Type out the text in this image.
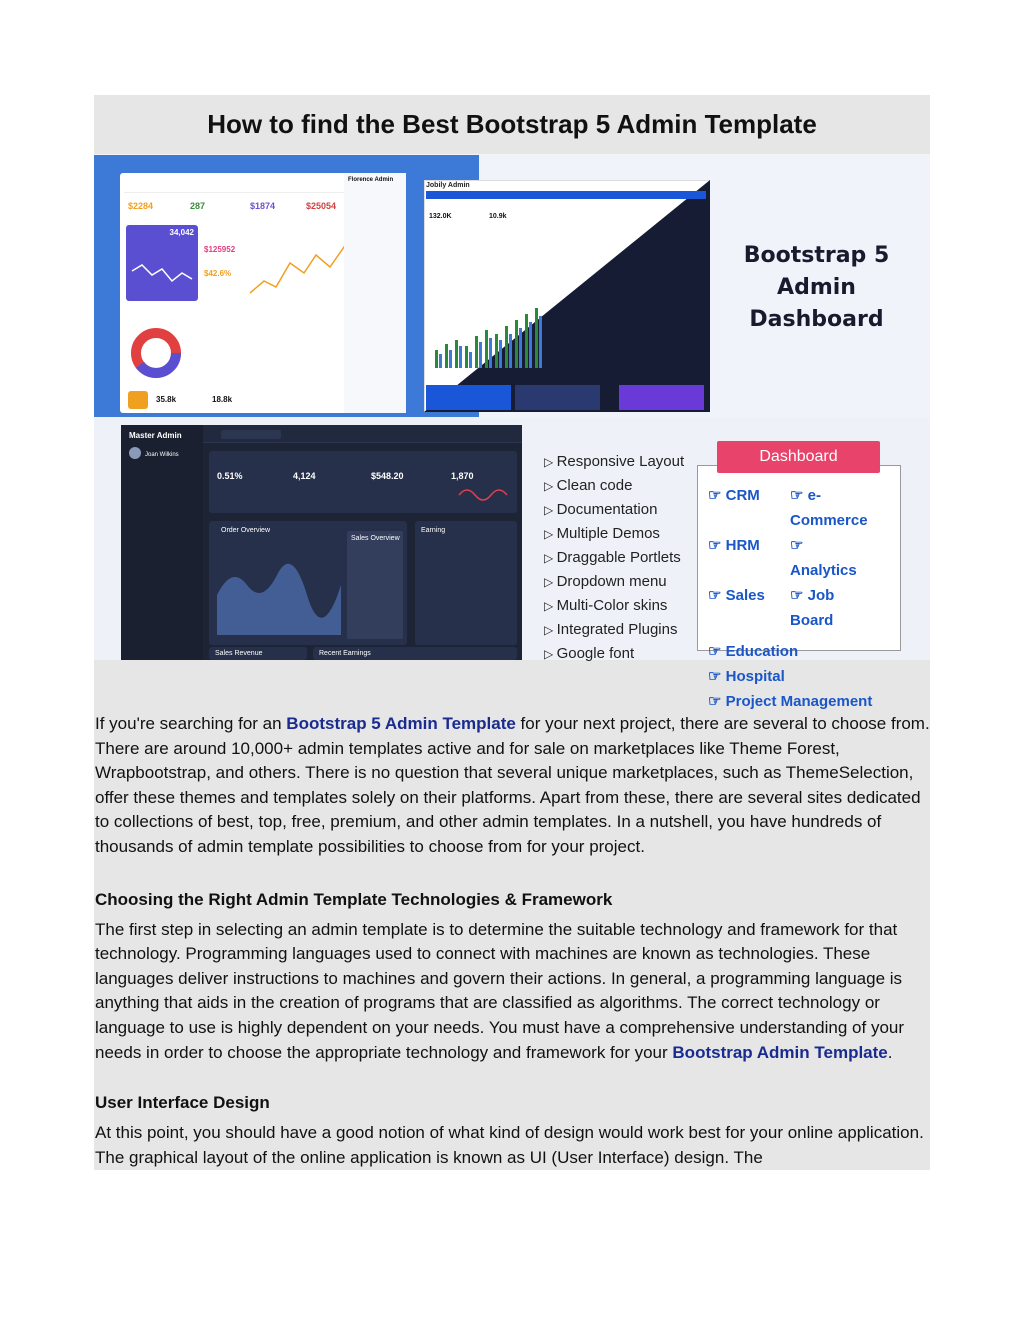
How to find the Best Bootstrap 5 Admin Template
$2284	287	$1874	$25054
34,042
$125952
$42.6%
35.8k	18.8k
Florence Admin
Jobily Admin
132.0K	10.9k	03.1k
Bootstrap 5
Admin
Dashboard
0.51%	4,124	$548.20	1,870
Order Overview
Sales Overview
Earning
Sales Revenue	Recent Earnings
Master Admin
Joan Wilkins
▷	Responsive Layout
▷ Clean code
▷ Documentation
▷ Multiple Demos
▷ Draggable Portlets
▷ Dropdown menu
▷ Multi-Color skins
▷ Integrated Plugins
▷ Google font
Dashboard
☞ CRM	☞ e-Commerce
☞ HRM	☞ Analytics
☞ Sales	☞ Job Board
☞ Education
☞ Hospital
☞ Project Management

If you're searching for an Bootstrap 5 Admin Template for your next project, there are several to choose from. There are around 10,000+ admin templates active and for sale on marketplaces like Theme Forest, Wrapbootstrap, and others. There is no question that several unique marketplaces, such as ThemeSelection, offer these themes and templates solely on their platforms. Apart from these, there are several sites dedicated to collections of best, top, free, premium, and other admin templates. In a nutshell, you have hundreds of thousands of admin template possibilities to choose from for your project.

Choosing the Right Admin Template Technologies & Framework

The first step in selecting an admin template is to determine the suitable technology and framework for that technology. Programming languages used to connect with machines are known as technologies. These languages deliver instructions to machines and govern their actions. In general, a programming language is anything that aids in the creation of programs that are classified as algorithms. The correct technology or language to use is highly dependent on your needs. You must have a comprehensive understanding of your needs in order to choose the appropriate technology and framework for your Bootstrap Admin Template.

User Interface Design

At this point, you should have a good notion of what kind of design would work best for your online application. The graphical layout of the online application is known as UI (User Interface) design. The
